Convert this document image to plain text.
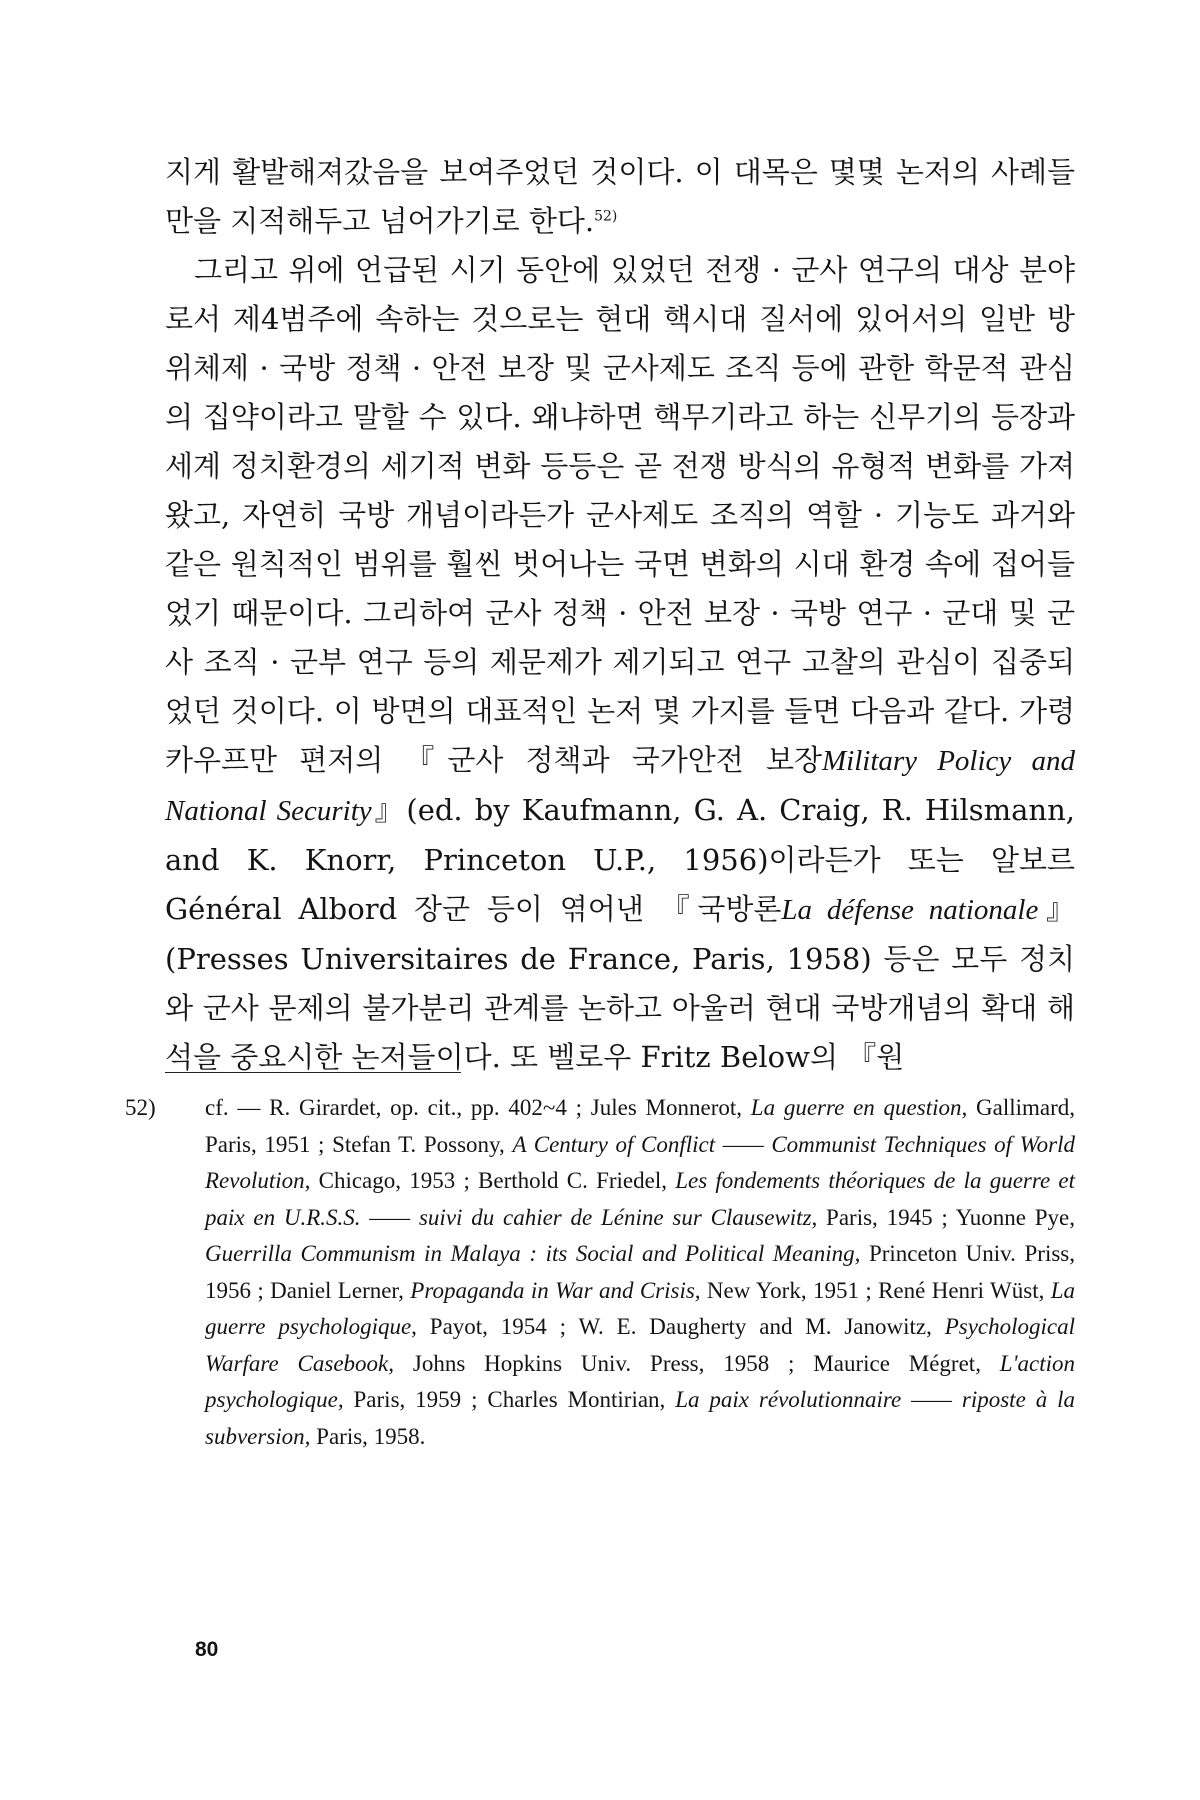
지게 활발해져갔음을 보여주었던 것이다. 이 대목은 몇몇 논저의 사례들만을 지적해두고 넘어가기로 한다.$^{52)}$

그리고 위에 언급된 시기 동안에 있었던 전쟁 · 군사 연구의 대상 분야로서 제4범주에 속하는 것으로는 현대 핵시대 질서에 있어서의 일반 방위체제 · 국방 정책 · 안전 보장 및 군사제도 조직 등에 관한 학문적 관심의 집약이라고 말할 수 있다. 왜냐하면 핵무기라고 하는 신무기의 등장과 세계 정치환경의 세기적 변화 등등은 곧 전쟁 방식의 유형적 변화를 가져왔고, 자연히 국방 개념이라든가 군사제도 조직의 역할 · 기능도 과거와 같은 원칙적인 범위를 훨씬 벗어나는 국면 변화의 시대 환경 속에 접어들었기 때문이다. 그리하여 군사 정책 · 안전 보장 · 국방 연구 · 군대 및 군사 조직 · 군부 연구 등의 제문제가 제기되고 연구 고찰의 관심이 집중되었던 것이다. 이 방면의 대표적인 논저 몇 가지를 들면 다음과 같다. 가령 카우프만 편저의 『군사 정책과 국가안전 보장Military Policy and National Security』(ed. by Kaufmann, G. A. Craig, R. Hilsmann, and K. Knorr, Princeton U.P., 1956)이라든가 또는 알보르 Général Albord 장군 등이 엮어낸 『국방론La défense nationale』(Presses Universitaires de France, Paris, 1958) 등은 모두 정치와 군사 문제의 불가분리 관계를 논하고 아울러 현대 국방개념의 확대 해석을 중요시한 논저들이다. 또 벨로우 Fritz Below의 『원

52) cf. — R. Girardet, op. cit., pp. 402~4 ; Jules Monnerot, La guerre en question, Gallimard, Paris, 1951 ; Stefan T. Possony, A Century of Conflict —— Communist Techniques of World Revolution, Chicago, 1953 ; Berthold C. Friedel, Les fondements théoriques de la guerre et paix en U.R.S.S. —— suivi du cahier de Lénine sur Clausewitz, Paris, 1945 ; Yuonne Pye, Guerrilla Communism in Malaya : its Social and Political Meaning, Princeton Univ. Priss, 1956 ; Daniel Lerner, Propaganda in War and Crisis, New York, 1951 ; René Henri Wüst, La guerre psychologique, Payot, 1954 ; W. E. Daugherty and M. Janowitz, Psychological Warfare Casebook, Johns Hopkins Univ. Press, 1958 ; Maurice Mégret, L'action psychologique, Paris, 1959 ; Charles Montirian, La paix révolutionnaire —— riposte à la subversion, Paris, 1958.

80
